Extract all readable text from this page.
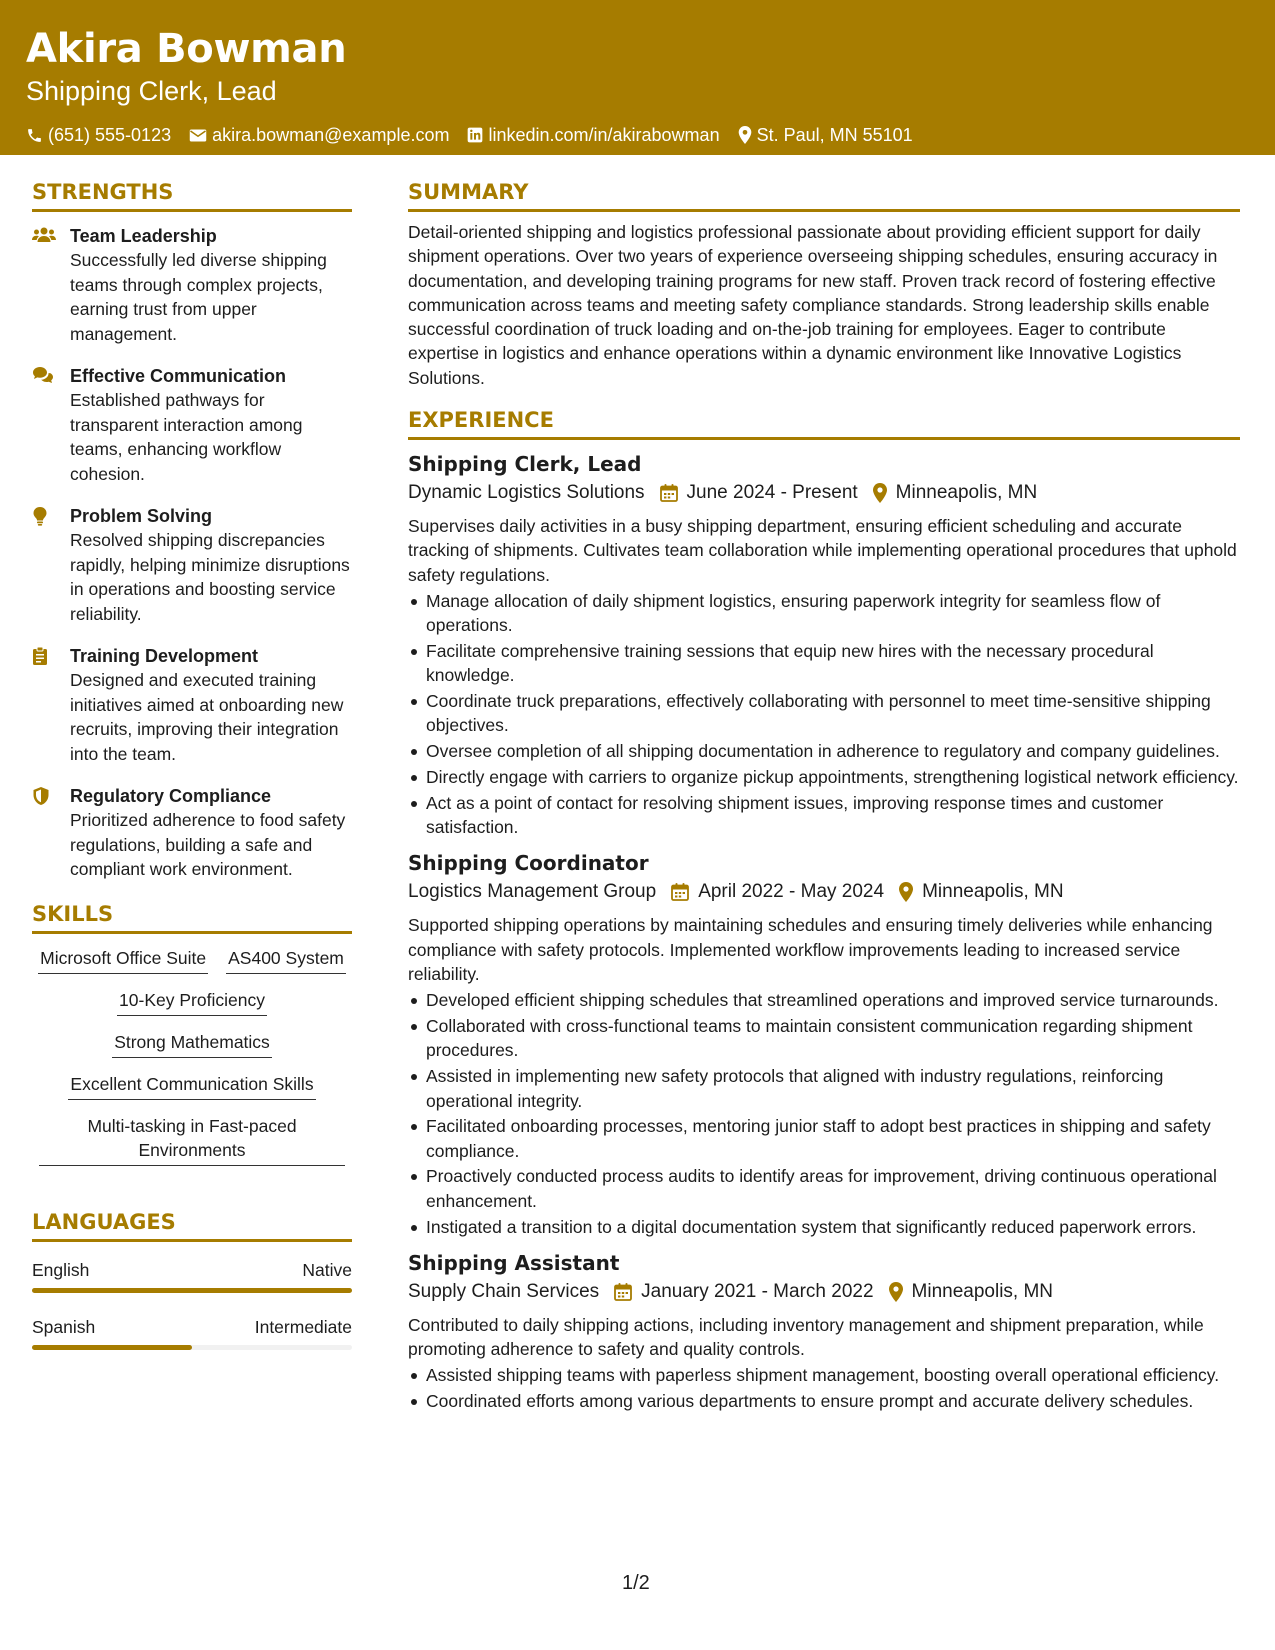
Akira Bowman
Shipping Clerk, Lead
(651) 555-0123 akira.bowman@example.com linkedin.com/in/akirabowman St. Paul, MN 55101
STRENGTHS
Team Leadership
Successfully led diverse shipping teams through complex projects, earning trust from upper management.
Effective Communication
Established pathways for transparent interaction among teams, enhancing workflow cohesion.
Problem Solving
Resolved shipping discrepancies rapidly, helping minimize disruptions in operations and boosting service reliability.
Training Development
Designed and executed training initiatives aimed at onboarding new recruits, improving their integration into the team.
Regulatory Compliance
Prioritized adherence to food safety regulations, building a safe and compliant work environment.
SKILLS
Microsoft Office Suite AS400 System
10-Key Proficiency
Strong Mathematics
Excellent Communication Skills
Multi-tasking in Fast-paced Environments
LANGUAGES
English	Native
Spanish	Intermediate
SUMMARY

Detail-oriented shipping and logistics professional passionate about providing efficient support for daily shipment operations. Over two years of experience overseeing shipping schedules, ensuring accuracy in documentation, and developing training programs for new staff. Proven track record of fostering effective communication across teams and meeting safety compliance standards. Strong leadership skills enable successful coordination of truck loading and on-the-job training for employees. Eager to contribute expertise in logistics and enhance operations within a dynamic environment like Innovative Logistics Solutions.

EXPERIENCE
Shipping Clerk, Lead
Dynamic Logistics Solutions June 2024 - Present Minneapolis, MN

Supervises daily activities in a busy shipping department, ensuring efficient scheduling and accurate tracking of shipments. Cultivates team collaboration while implementing operational procedures that uphold safety regulations.

Manage allocation of daily shipment logistics, ensuring paperwork integrity for seamless flow of operations.
Facilitate comprehensive training sessions that equip new hires with the necessary procedural knowledge.
Coordinate truck preparations, effectively collaborating with personnel to meet time-sensitive shipping objectives.
Oversee completion of all shipping documentation in adherence to regulatory and company guidelines.
Directly engage with carriers to organize pickup appointments, strengthening logistical network efficiency.
Act as a point of contact for resolving shipment issues, improving response times and customer satisfaction.
Shipping Coordinator
Logistics Management Group April 2022 - May 2024 Minneapolis, MN

Supported shipping operations by maintaining schedules and ensuring timely deliveries while enhancing compliance with safety protocols. Implemented workflow improvements leading to increased service reliability.

Developed efficient shipping schedules that streamlined operations and improved service turnarounds.
Collaborated with cross-functional teams to maintain consistent communication regarding shipment procedures.
Assisted in implementing new safety protocols that aligned with industry regulations, reinforcing operational integrity.
Facilitated onboarding processes, mentoring junior staff to adopt best practices in shipping and safety compliance.
Proactively conducted process audits to identify areas for improvement, driving continuous operational enhancement.
Instigated a transition to a digital documentation system that significantly reduced paperwork errors.
Shipping Assistant
Supply Chain Services January 2021 - March 2022 Minneapolis, MN

Contributed to daily shipping actions, including inventory management and shipment preparation, while promoting adherence to safety and quality controls.

Assisted shipping teams with paperless shipment management, boosting overall operational efficiency.
Coordinated efforts among various departments to ensure prompt and accurate delivery schedules.
1/2
